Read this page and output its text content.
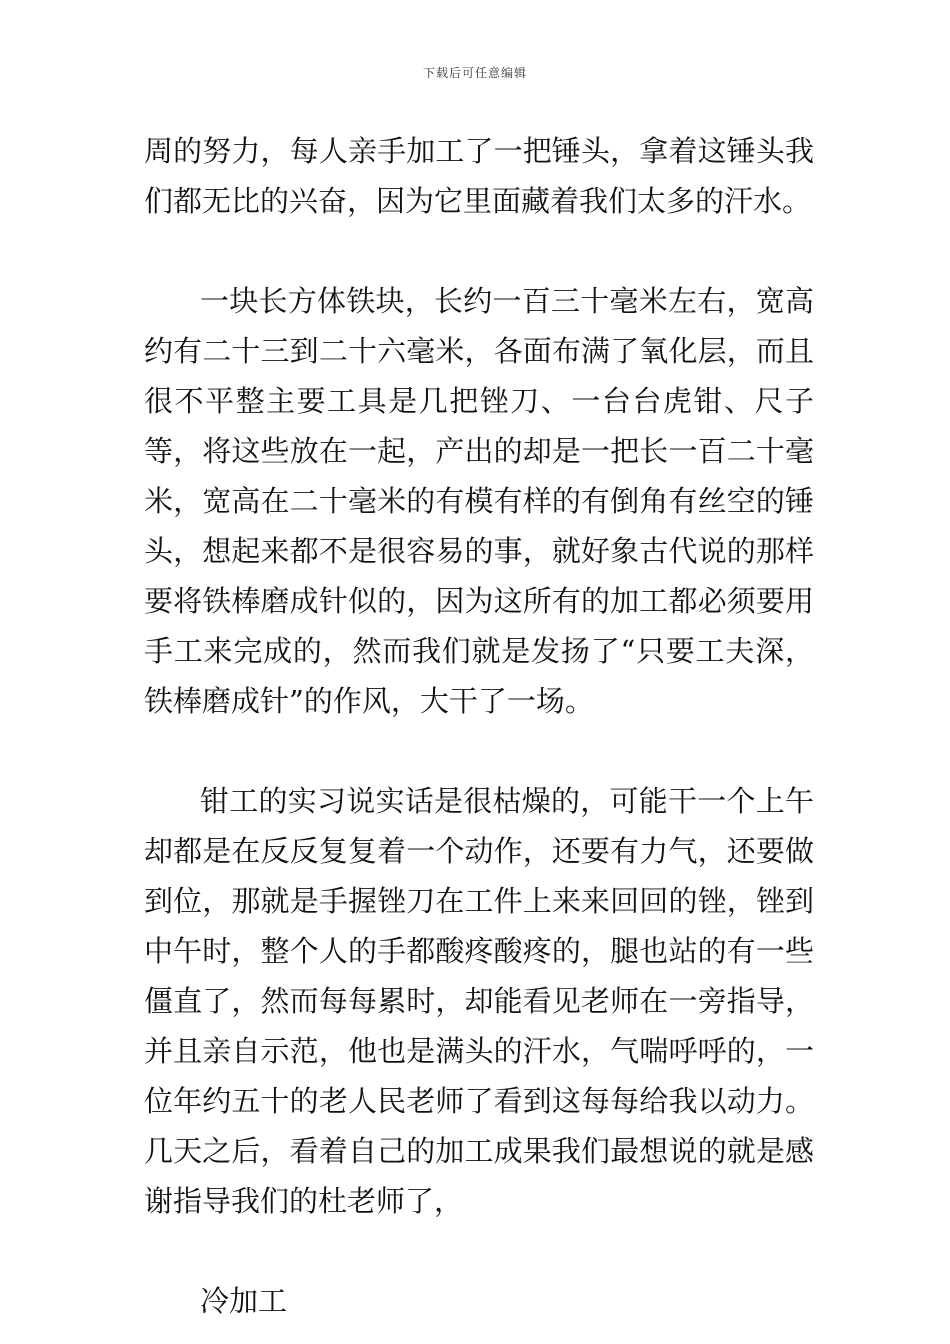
下载后可任意编辑

周的努力，每人亲手加工了一把锤头，拿着这锤头我们都无比的兴奋，因为它里面藏着我们太多的汗水。

一块长方体铁块，长约一百三十毫米左右，宽高约有二十三到二十六毫米，各面布满了氧化层，而且很不平整主要工具是几把锉刀、一台台虎钳、尺子等，将这些放在一起，产出的却是一把长一百二十毫米，宽高在二十毫米的有模有样的有倒角有丝空的锤头，想起来都不是很容易的事，就好象古代说的那样要将铁棒磨成针似的，因为这所有的加工都必须要用手工来完成的，然而我们就是发扬了“只要工夫深，铁棒磨成针”的作风，大干了一场。

钳工的实习说实话是很枯燥的，可能干一个上午却都是在反反复复着一个动作，还要有力气，还要做到位，那就是手握锉刀在工件上来来回回的锉，锉到中午时，整个人的手都酸疼酸疼的，腿也站的有一些僵直了，然而每每累时，却能看见老师在一旁指导，并且亲自示范，他也是满头的汗水，气喘呼呼的，一位年约五十的老人民老师了看到这每每给我以动力。几天之后，看着自己的加工成果我们最想说的就是感谢指导我们的杜老师了，

冷加工
